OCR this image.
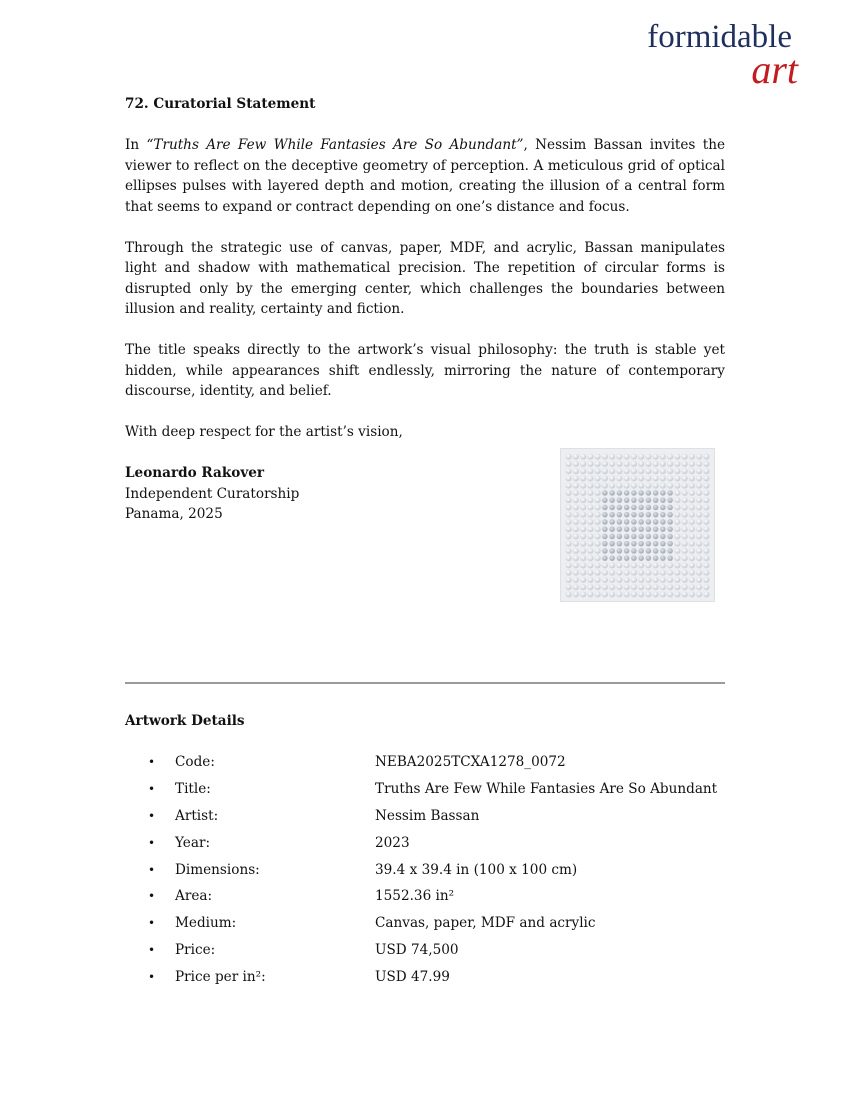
formidable
art
72. Curatorial Statement

In “Truths Are Few While Fantasies Are So Abundant”, Nessim Bassan invites the viewer to reflect on the deceptive geometry of perception. A meticulous grid of optical ellipses pulses with layered depth and motion, creating the illusion of a central form that seems to expand or contract depending on one’s distance and focus.

Through the strategic use of canvas, paper, MDF, and acrylic, Bassan manipulates light and shadow with mathematical precision. The repetition of circular forms is disrupted only by the emerging center, which challenges the boundaries between illusion and reality, certainty and fiction.

The title speaks directly to the artwork’s visual philosophy: the truth is stable yet hidden, while appearances shift endlessly, mirroring the nature of contemporary discourse, identity, and belief.

With deep respect for the artist’s vision,

Leonardo Rakover
Independent Curatorship
Panama, 2025
Artwork Details
• Code:	NEBA2025TCXA1278_0072
• Title:	Truths Are Few While Fantasies Are So Abundant
• Artist:	Nessim Bassan
• Year:	2023
• Dimensions:	39.4 x 39.4 in (100 x 100 cm)
• Area:	1552.36 in²
• Medium:	Canvas, paper, MDF and acrylic
• Price:	USD 74,500
• Price per in²:	USD 47.99
